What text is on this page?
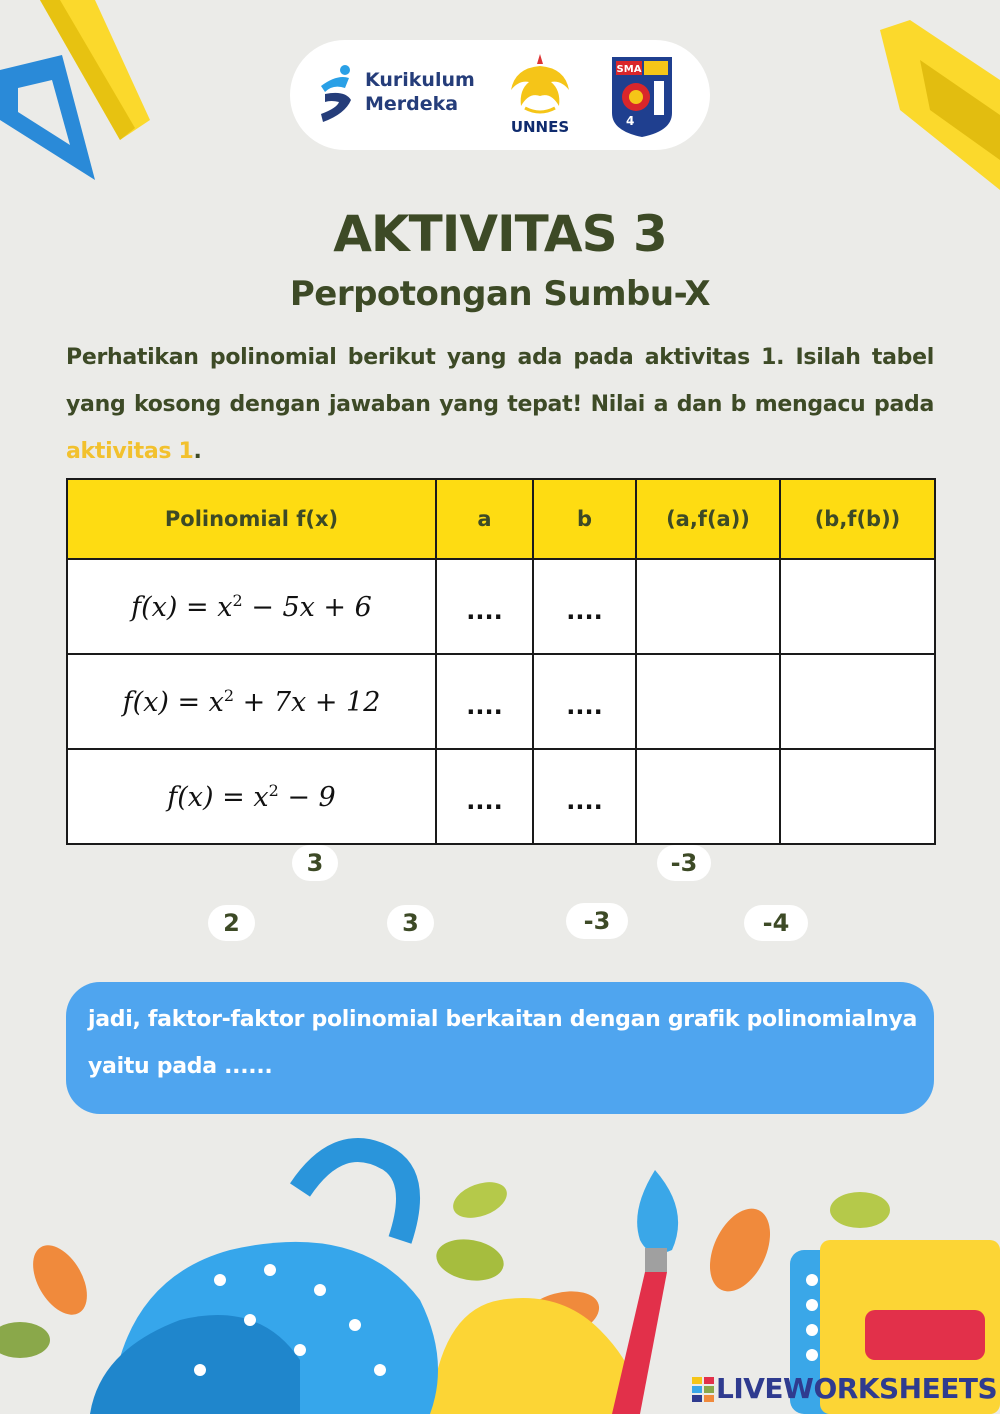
Kurikulum
Merdeka
UNNES
SMA
4
AKTIVITAS 3
Perpotongan Sumbu-X
Perhatikan polinomial berikut yang ada pada aktivitas 1. Isilah tabel yang kosong dengan jawaban yang tepat! Nilai a dan b mengacu pada aktivitas 1.
Polinomial f(x)	a	b	(a,f(a))	(b,f(b))
$f(x) = x^2 - 5x + 6$	....	....		
$f(x) = x^2 + 7x + 12$	....	....		
$f(x) = x^2 - 9$	....	....		
3	-3
2	3	-3	-4
jadi, faktor-faktor polinomial berkaitan dengan grafik polinomialnya yaitu pada ......
LIVEWORKSHEETS
